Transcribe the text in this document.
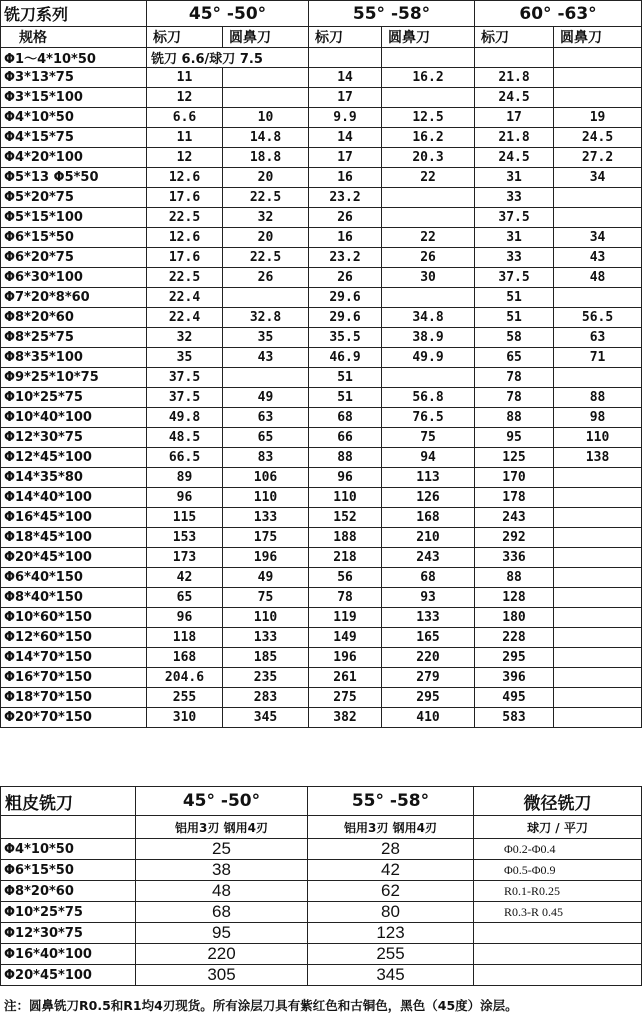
铣刀系列	45° -50°		55° -58°		60° -63°	
规格	标刀	圆鼻刀	标刀	圆鼻刀	标刀	圆鼻刀
Φ1～4*10*50	铣刀 6.6/球刀 7.5					
Φ3*13*75	11		14	16.2	21.8	
Φ3*15*100	12		17		24.5	
Φ4*10*50	6.6	10	9.9	12.5	17	19
Φ4*15*75	11	14.8	14	16.2	21.8	24.5
Φ4*20*100	12	18.8	17	20.3	24.5	27.2
Φ5*13 Φ5*50	12.6	20	16	22	31	34
Φ5*20*75	17.6	22.5	23.2		33	
Φ5*15*100	22.5	32	26		37.5	
Φ6*15*50	12.6	20	16	22	31	34
Φ6*20*75	17.6	22.5	23.2	26	33	43
Φ6*30*100	22.5	26	26	30	37.5	48
Φ7*20*8*60	22.4		29.6		51	
Φ8*20*60	22.4	32.8	29.6	34.8	51	56.5
Φ8*25*75	32	35	35.5	38.9	58	63
Φ8*35*100	35	43	46.9	49.9	65	71
Φ9*25*10*75	37.5		51		78	
Φ10*25*75	37.5	49	51	56.8	78	88
Φ10*40*100	49.8	63	68	76.5	88	98
Φ12*30*75	48.5	65	66	75	95	110
Φ12*45*100	66.5	83	88	94	125	138
Φ14*35*80	89	106	96	113	170	
Φ14*40*100	96	110	110	126	178	
Φ16*45*100	115	133	152	168	243	
Φ18*45*100	153	175	188	210	292	
Φ20*45*100	173	196	218	243	336	
Φ6*40*150	42	49	56	68	88	
Φ8*40*150	65	75	78	93	128	
Φ10*60*150	96	110	119	133	180	
Φ12*60*150	118	133	149	165	228	
Φ14*70*150	168	185	196	220	295	
Φ16*70*150	204.6	235	261	279	396	
Φ18*70*150	255	283	275	295	495	
Φ20*70*150	310	345	382	410	583	
粗皮铣刀	45° -50°	55° -58°	微径铣刀
	铝用3刃 钢用4刃	铝用3刃 钢用4刃	球刀 / 平刀
Φ4*10*50	25	28	Φ0.2-Φ0.4
Φ6*15*50	38	42	Φ0.5-Φ0.9
Φ8*20*60	48	62	R0.1-R0.25
Φ10*25*75	68	80	R0.3-R 0.45
Φ12*30*75	95	123	
Φ16*40*100	220	255	
Φ20*45*100	305	345	
注：圆鼻铣刀R0.5和R1均4刃现货。所有涂层刀具有紫红色和古铜色，黑色（45度）涂层。
